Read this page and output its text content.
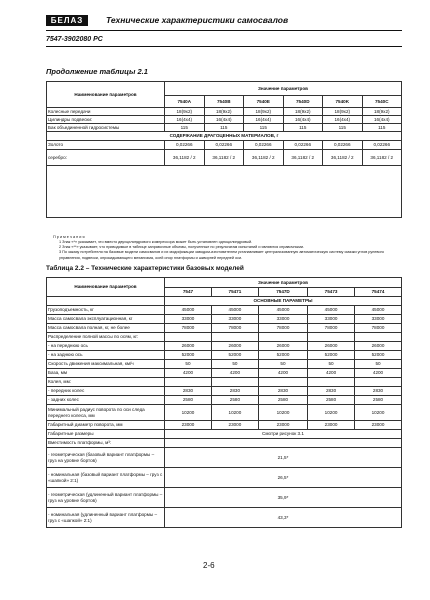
БЕЛАЗ	Технические характеристики самосвалов
7547-3902080 РС
Продолжение таблицы 2.1
Наименование параметров	Значение параметров					
	7540A	7540B	7540E	7540D	7540K	7540C
Колесные передачи	18(9x2)	18(9x2)	18(9x2)	18(9x2)	18(9x2)	18(9x2)
Цилиндры подвески:	16(4x4)	16(4x4)	16(4x4)	16(4x4)	16(4x4)	16(4x4)
Бак объединенной гидросистемы	115	115	115	115	115	115
СОДЕРЖАНИЕ ДРАГОЦЕННЫХ МАТЕРИАЛОВ, г						
Золото	0,02266	0,02266	0,02266	0,02266	0,02266	0,02266
серебро:	36,1182 / 2	36,1182 / 2	36,1182 / 2	36,1182 / 2	36,1182 / 2	36,1182 / 2

П р и м е ч а н и я

1 Знак «*» указывает, что вместо двухцилиндрового компрессора может быть установлен одноцилиндровый.

2 Знак «**» указывает, что приводимые в таблице заправочные объемы, полученные по результатам испытаний и являются справочными.

3 По заказу потребителя на базовые модели самосвалов и их модификации заводом-изготовителем устанавливает централизованную автоматическую систему смазки углов рулевого управления, подвески, опрокидывающего механизма, осей опор платформы и шкворней передней оси.

Таблица 2.2 – Технические характеристики базовых моделей
Наименование параметров	Значение параметров				
	7547	75471	7547D	75473	75474
	ОСНОВНЫЕ ПАРАМЕТРЫ				
Грузоподъемность, кг	45000	45000	45000	45000	45000
Масса самосвала эксплуатационная, кг	33000	33000	33000	33000	33000
Масса самосвала полная, кг, не более	78000	78000	78000	78000	78000
Распределение полной массы по осям, кг:					
- на переднюю ось	26000	26000	26000	26000	26000
- на заднюю ось	52000	52000	52000	52000	52000
Скорость движения максимальная, км/ч	50	50	50	50	50
База, мм	4200	4200	4200	4200	4200
Колея, мм:					
- передних колес	2830	2830	2830	2830	2830
- задних колес	2580	2580	2580	2580	2580
Минимальный радиус поворота по оси следа переднего колеса, мм	10200	10200	10200	10200	10200
Габаритный диаметр поворота, мм	23000	23000	23000	23000	23000
Габаритные размеры	Смотри рисунок 3.1				
Вместимость платформы, м³:					
- геометрическая (базовый вариант платформы – груз на уровне бортов)	21,5*				
- номинальная (базовый вариант платформы – груз с «шапкой» 2:1)	26,5*				
- геометрическая (удлиненный вариант платформы – груз на уровне бортов)	35,9*				
- номинальная (удлиненный вариант платформы – груз с «шапкой» 2:1)	43,3*				
2-6
